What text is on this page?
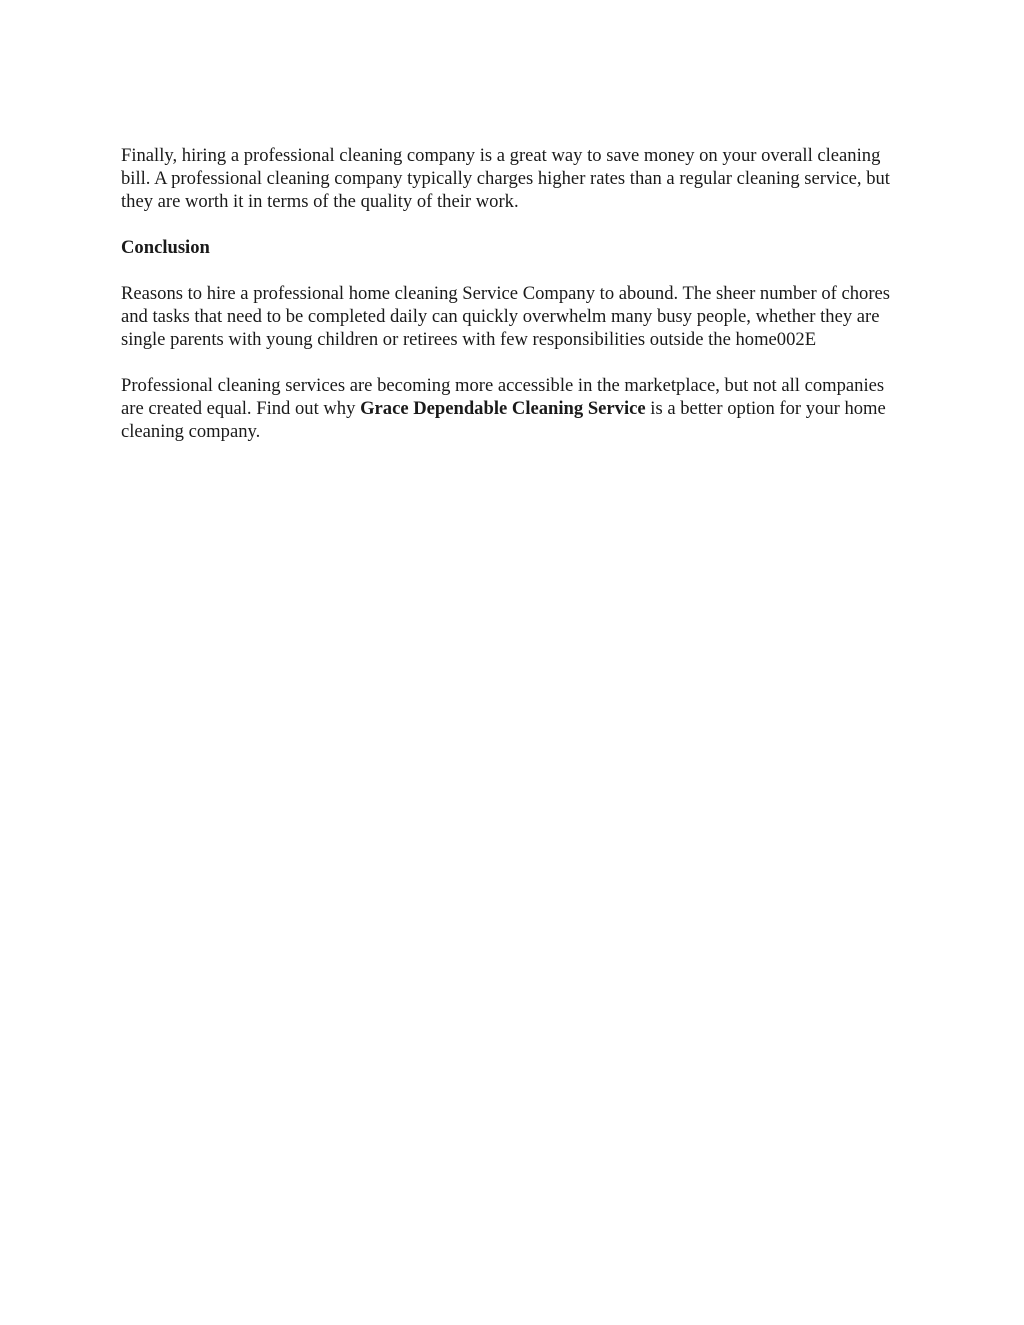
Finally, hiring a professional cleaning company is a great way to save money on your overall cleaning bill. A professional cleaning company typically charges higher rates than a regular cleaning service, but they are worth it in terms of the quality of their work.

Conclusion

Reasons to hire a professional home cleaning Service Company to abound. The sheer number of chores and tasks that need to be completed daily can quickly overwhelm many busy people, whether they are single parents with young children or retirees with few responsibilities outside the home002E

Professional cleaning services are becoming more accessible in the marketplace, but not all companies are created equal. Find out why Grace Dependable Cleaning Service is a better option for your home cleaning company.
